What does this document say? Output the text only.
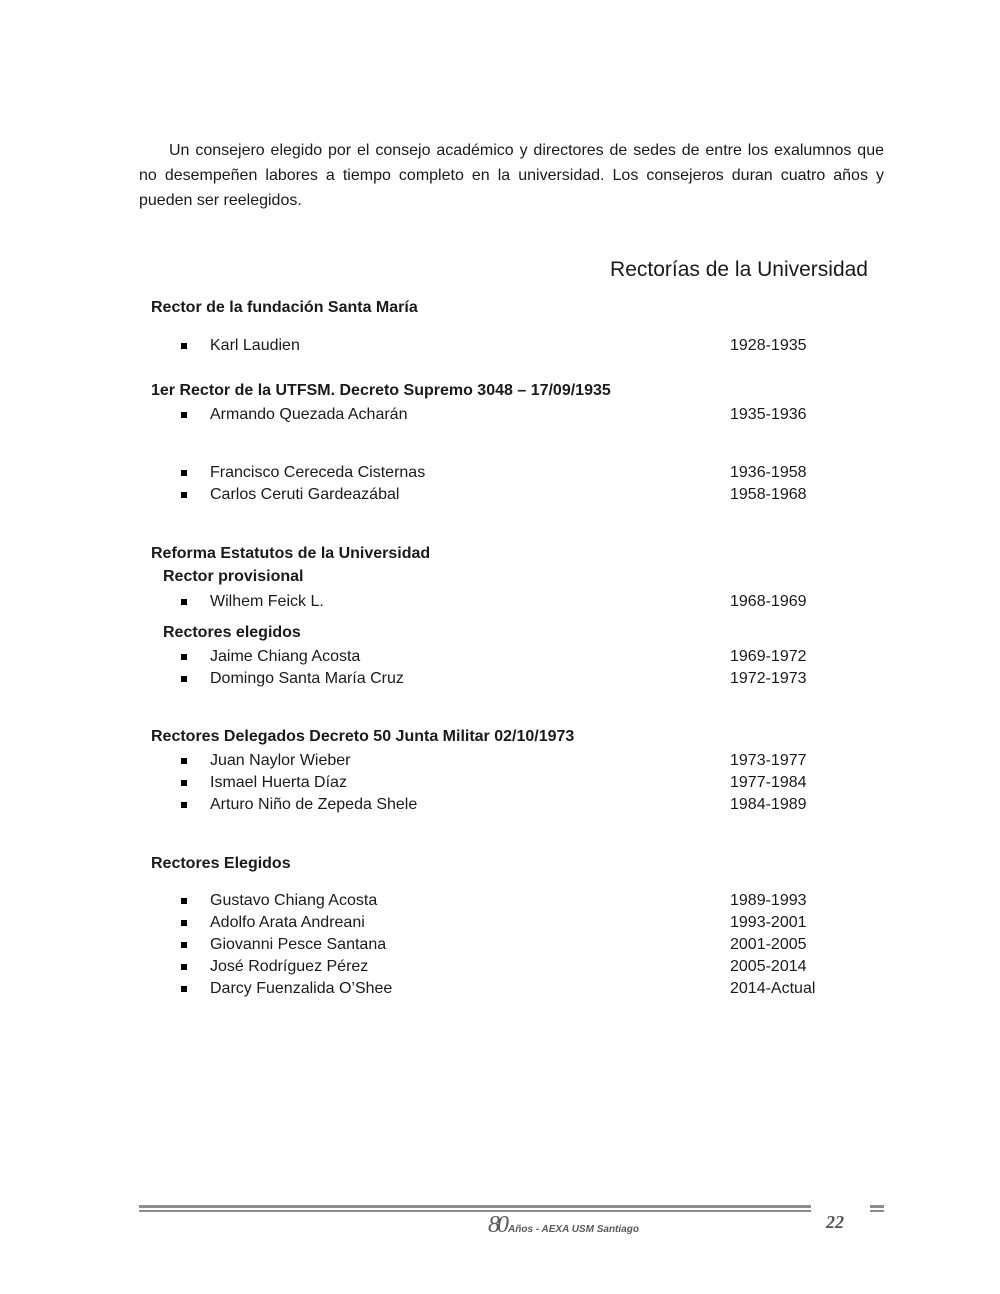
Un consejero elegido por el consejo académico y directores de sedes de entre los exalumnos que no desempeñen labores a tiempo completo en la universidad. Los consejeros duran cuatro años y pueden ser reelegidos.

Rectorías de la Universidad
Rector de la fundación Santa María
Karl Laudien	1928-1935
1er Rector de la UTFSM. Decreto Supremo 3048 – 17/09/1935
Armando Quezada Acharán	1935-1936
Francisco Cereceda Cisternas	1936-1958
Carlos Ceruti Gardeazábal	1958-1968
Reforma Estatutos de la Universidad
Rector provisional
Wilhem Feick L.	1968-1969
Rectores elegidos
Jaime Chiang Acosta	1969-1972
Domingo Santa María Cruz	1972-1973
Rectores Delegados Decreto 50 Junta Militar 02/10/1973
Juan Naylor Wieber	1973-1977
Ismael Huerta Díaz	1977-1984
Arturo Niño de Zepeda Shele	1984-1989
Rectores Elegidos
Gustavo Chiang Acosta	1989-1993
Adolfo Arata Andreani	1993-2001
Giovanni Pesce Santana	2001-2005
José Rodríguez Pérez	2005-2014
Darcy Fuenzalida O’Shee	2014-Actual
80 Años - AEXA USM Santiago	22
